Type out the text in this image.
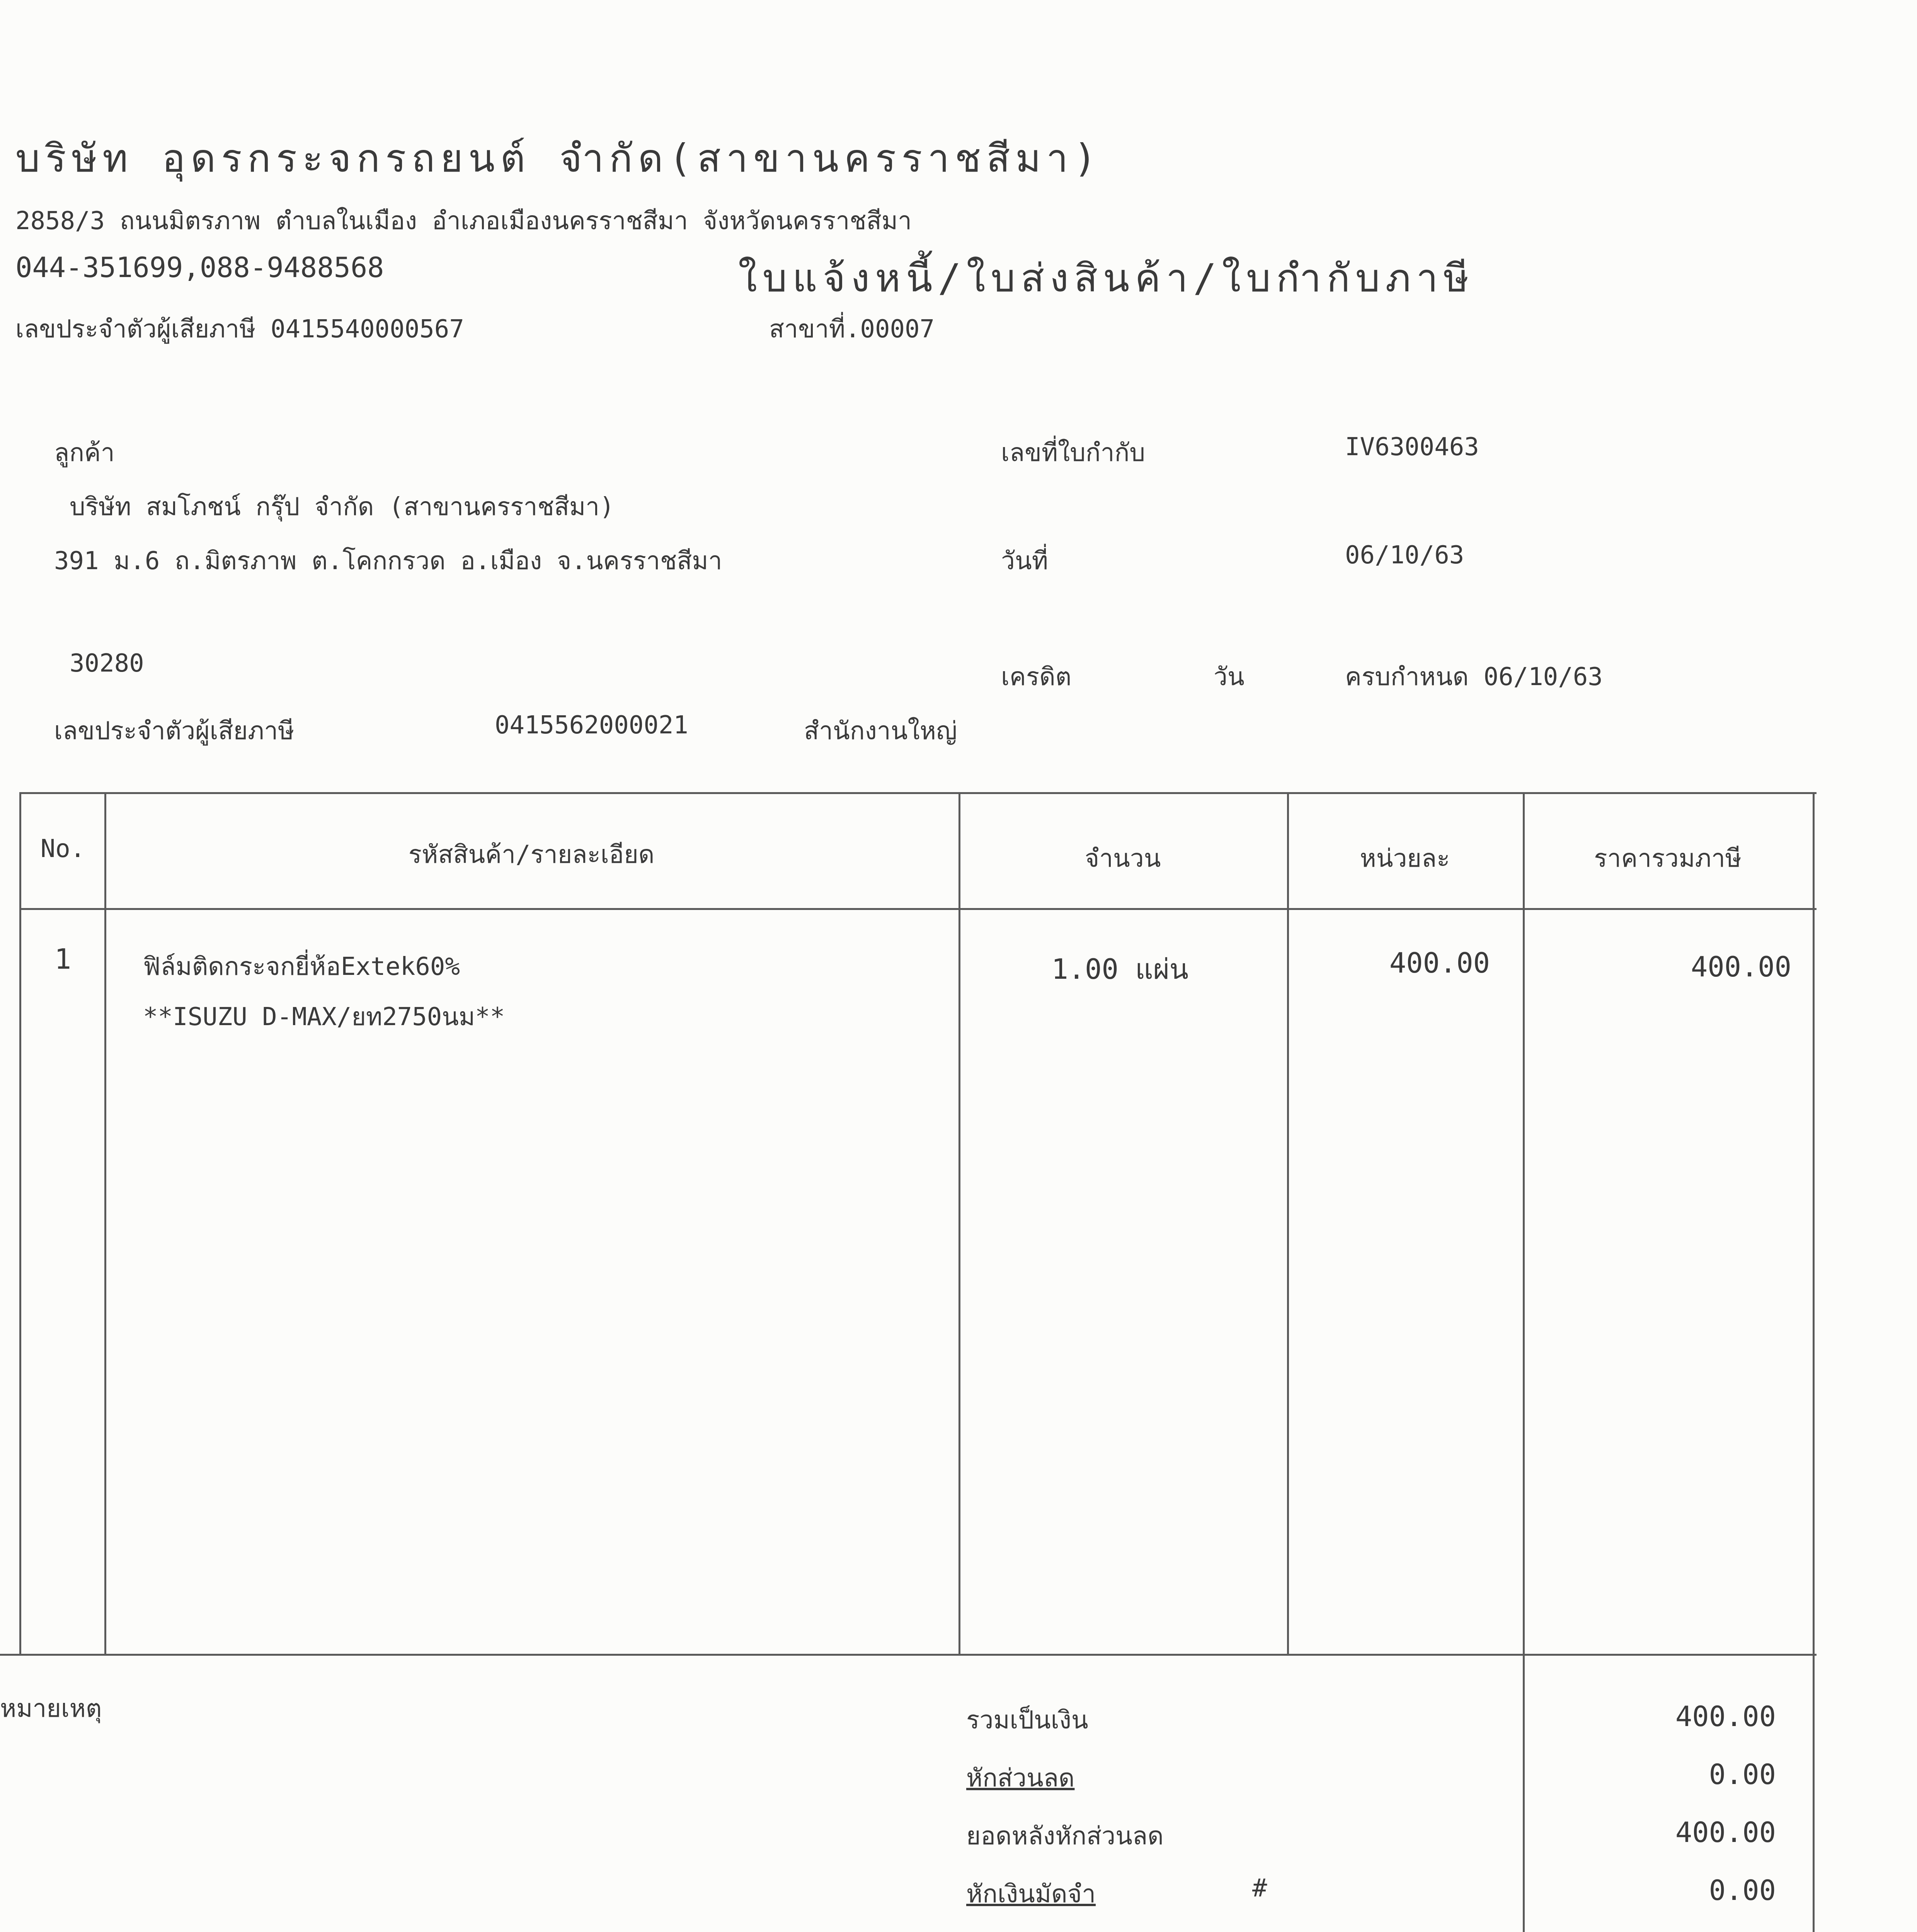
บริษัท อุดรกระจกรถยนต์ จำกัด(สาขานครราชสีมา)
2858/3 ถนนมิตรภาพ ตำบลในเมือง อำเภอเมืองนครราชสีมา จังหวัดนครราชสีมา
044-351699,088-9488568	ใบแจ้งหนี้/ใบส่งสินค้า/ใบกำกับภาษี
เลขประจำตัวผู้เสียภาษี 0415540000567	สาขาที่.00007
ลูกค้า
บริษัท สมโภชน์ กรุ๊ป จำกัด (สาขานครราชสีมา)
391 ม.6 ถ.มิตรภาพ ต.โคกกรวด อ.เมือง จ.นครราชสีมา
30280
เลขประจำตัวผู้เสียภาษี	0415562000021	สำนักงานใหญ่
เลขที่ใบกำกับ	IV6300463
วันที่	06/10/63
เครดิต	วัน	ครบกำหนด 06/10/63
No.	รหัสสินค้า/รายละเอียด	จำนวน	หน่วยละ	ราคารวมภาษี
1	ฟิล์มติดกระจกยี่ห้อExtek60%
**ISUZU D-MAX/ยท2750นม**
1.00 แผ่น	400.00	400.00
หมายเหตุ	รวมเป็นเงิน	400.00
หักส่วนลด	0.00
ยอดหลังหักส่วนลด	400.00
หักเงินมัดจำ	#	0.00
